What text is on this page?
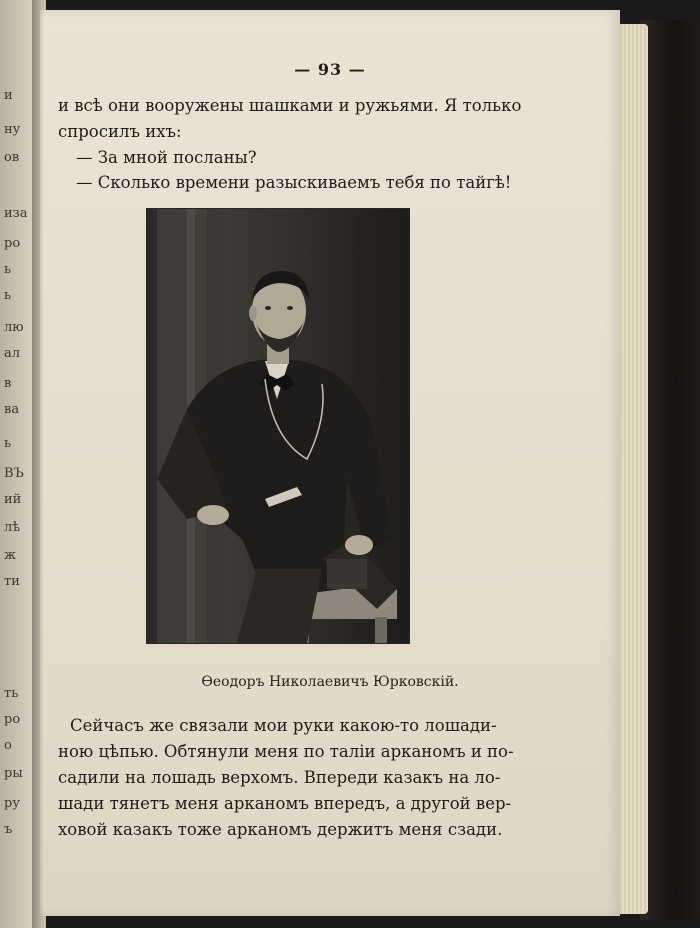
и
ну
ов
иза
ро
ь
ь
лю
ал
в
ва
ь
ВЪ
ий
лѣ
ж
ти
ть
ро
о
ры
ру
ъ
— 93 —
и всѣ они вооружены шашками и ружьями. Я только
спросилъ ихъ:
— За мной посланы?
— Сколько времени разыскиваемъ тебя по тайгѣ!
Өеодоръ Николаевичъ Юрковскій.
Сейчасъ же связали мои руки какою-то лошади-
ною цѣпью. Обтянули меня по таліи арканомъ и по-
садили на лошадь верхомъ. Впереди казакъ на ло-
шади тянетъ меня арканомъ впередъ, а другой вер-
ховой казакъ тоже арканомъ держитъ меня сзади.
